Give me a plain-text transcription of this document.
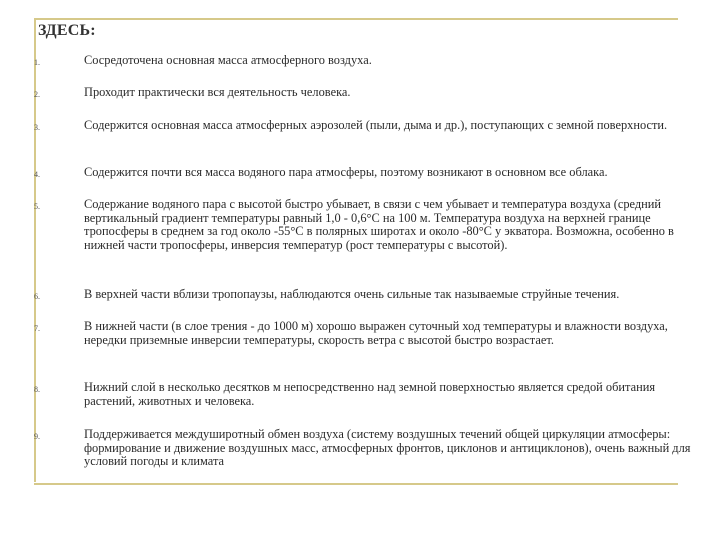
ЗДЕСЬ:
1.	Сосредоточена основная масса атмосферного воздуха.
2.	Проходит практически вся деятельность человека.
3.	Содержится основная масса атмосферных аэрозолей (пыли, дыма и др.), поступающих с земной поверхности.
4.	Содержится почти вся масса водяного пара атмосферы, поэтому возникают в основном все облака.
5.	Содержание водяного пара с высотой быстро убывает, в связи с чем убывает и температура воздуха (средний вертикальный градиент температуры равный 1,0 - 0,6°С на 100 м. Температура воздуха на верхней границе тропосферы в среднем за год около -55°С в полярных широтах и около -80°С у экватора. Возможна, особенно в нижней части тропосферы, инверсия температур (рост температуры с высотой).
6.	В верхней части вблизи тропопаузы, наблюдаются очень сильные так называемые струйные течения.
7.	В нижней части (в слое трения - до 1000 м) хорошо выражен суточный ход температуры и влажности воздуха, нередки приземные инверсии температуры, скорость ветра с высотой быстро возрастает.
8.	Нижний слой в несколько десятков м непосредственно над земной поверхностью является средой обитания растений, животных и человека.
9.	Поддерживается междуширотный обмен воздуха (систему воздушных течений общей циркуляции атмосферы: формирование и движение воздушных масс, атмосферных фронтов, циклонов и антициклонов), очень важный для условий погоды и климата
